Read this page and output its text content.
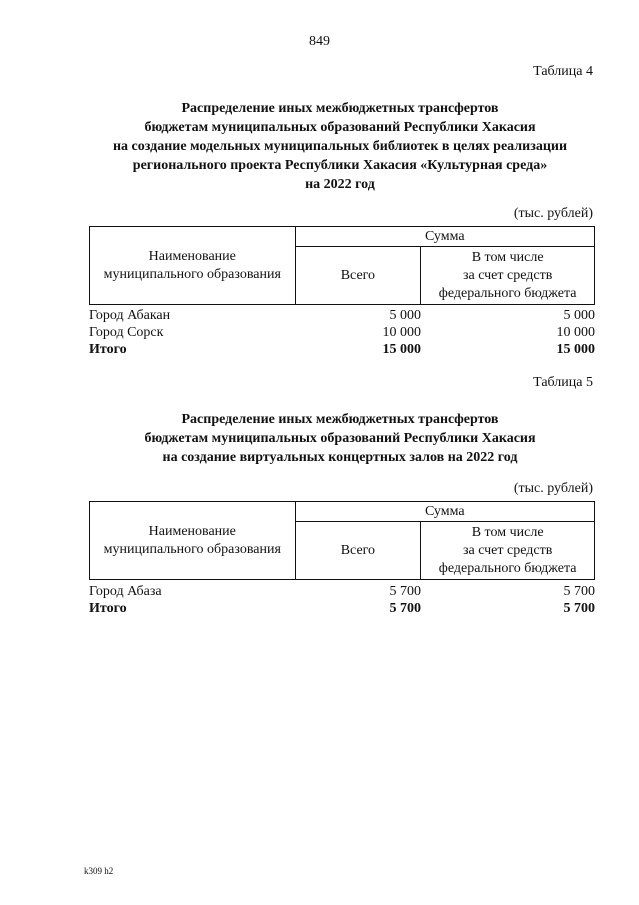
849
Таблица 4
Распределение иных межбюджетных трансфертов
бюджетам муниципальных образований Республики Хакасия
на создание модельных муниципальных библиотек в целях реализации
регионального проекта Республики Хакасия «Культурная среда»
на 2022 год
(тыс. рублей)
Наименование
муниципального образования	Сумма	
	Всего	В том числе
за счет средств
федерального бюджета
Город Абакан	5 000	5 000
Город Сорск	10 000	10 000
Итого	15 000	15 000
Таблица 5
Распределение иных межбюджетных трансфертов
бюджетам муниципальных образований Республики Хакасия
на создание виртуальных концертных залов на 2022 год
(тыс. рублей)
Наименование
муниципального образования	Сумма	
	Всего	В том числе
за счет средств
федерального бюджета
Город Абаза	5 700	5 700
Итого	5 700	5 700
k309 h2
